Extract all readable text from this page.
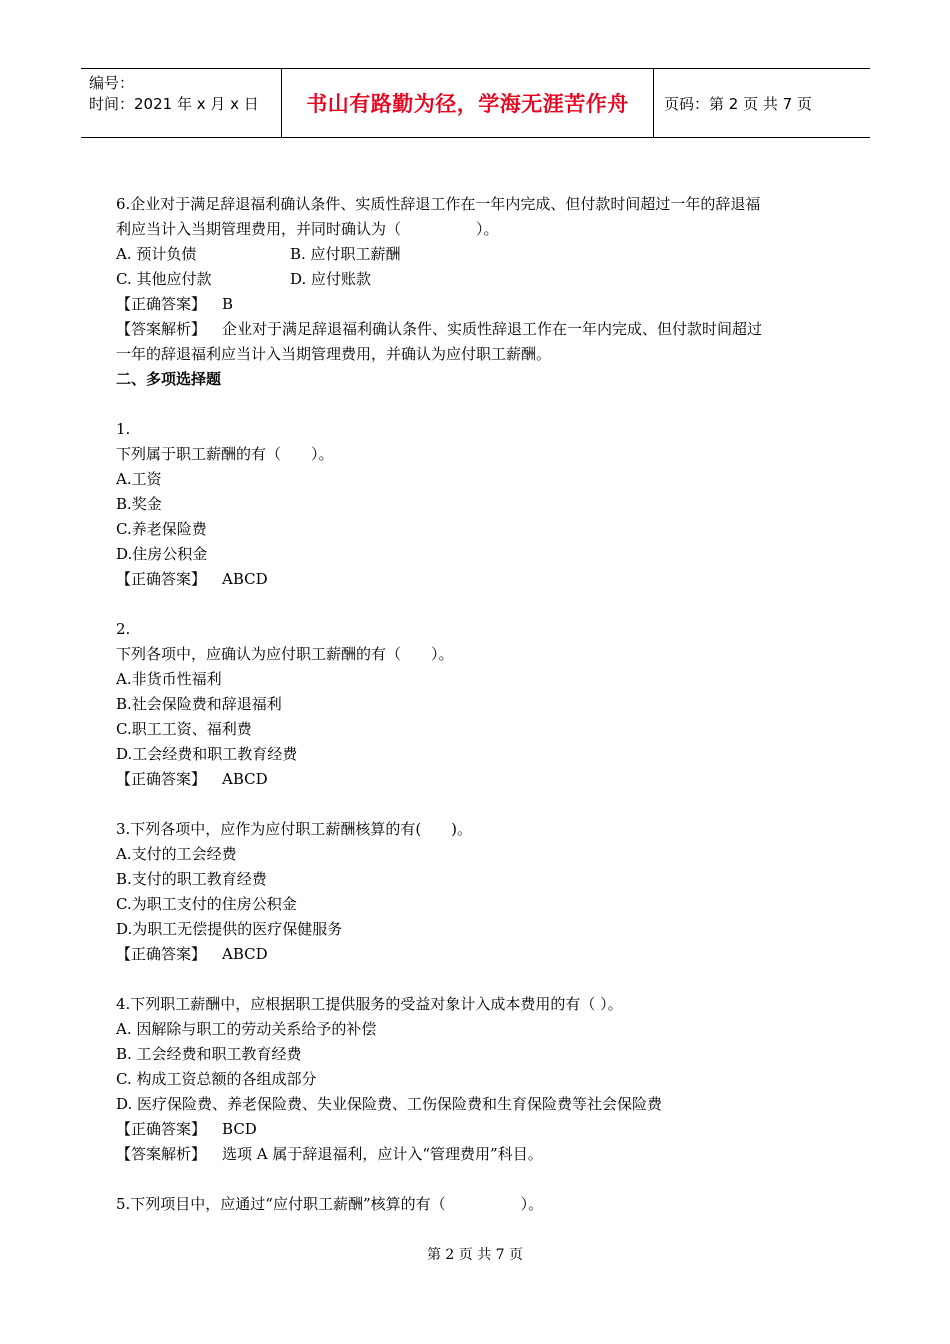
编号：
时间：2021 年 x 月 x 日	书山有路勤为径，学海无涯苦作舟	页码：第 2 页 共 7 页

6.企业对于满足辞退福利确认条件、实质性辞退工作在一年内完成、但付款时间超过一年的辞退福

利应当计入当期管理费用，并同时确认为（　　　　　）。

A. 预计负债	B. 应付职工薪酬
C. 其他应付款	D. 应付账款

【正确答案】 B

【答案解析】 企业对于满足辞退福利确认条件、实质性辞退工作在一年内完成、但付款时间超过

一年的辞退福利应当计入当期管理费用，并确认为应付职工薪酬。

二、多项选择题

1.

下列属于职工薪酬的有（　　）。

A.工资

B.奖金

C.养老保险费

D.住房公积金

【正确答案】 ABCD

2.

下列各项中，应确认为应付职工薪酬的有（　　）。

A.非货币性福利

B.社会保险费和辞退福利

C.职工工资、福利费

D.工会经费和职工教育经费

【正确答案】 ABCD

3.下列各项中，应作为应付职工薪酬核算的有(　　)。

A.支付的工会经费

B.支付的职工教育经费

C.为职工支付的住房公积金

D.为职工无偿提供的医疗保健服务

【正确答案】 ABCD

4.下列职工薪酬中，应根据职工提供服务的受益对象计入成本费用的有（ ）。

A. 因解除与职工的劳动关系给予的补偿

B. 工会经费和职工教育经费

C. 构成工资总额的各组成部分

D. 医疗保险费、养老保险费、失业保险费、工伤保险费和生育保险费等社会保险费

【正确答案】 BCD

【答案解析】 选项 A 属于辞退福利，应计入“管理费用”科目。

5.下列项目中，应通过“应付职工薪酬”核算的有（　　　　　）。

第 2 页 共 7 页
